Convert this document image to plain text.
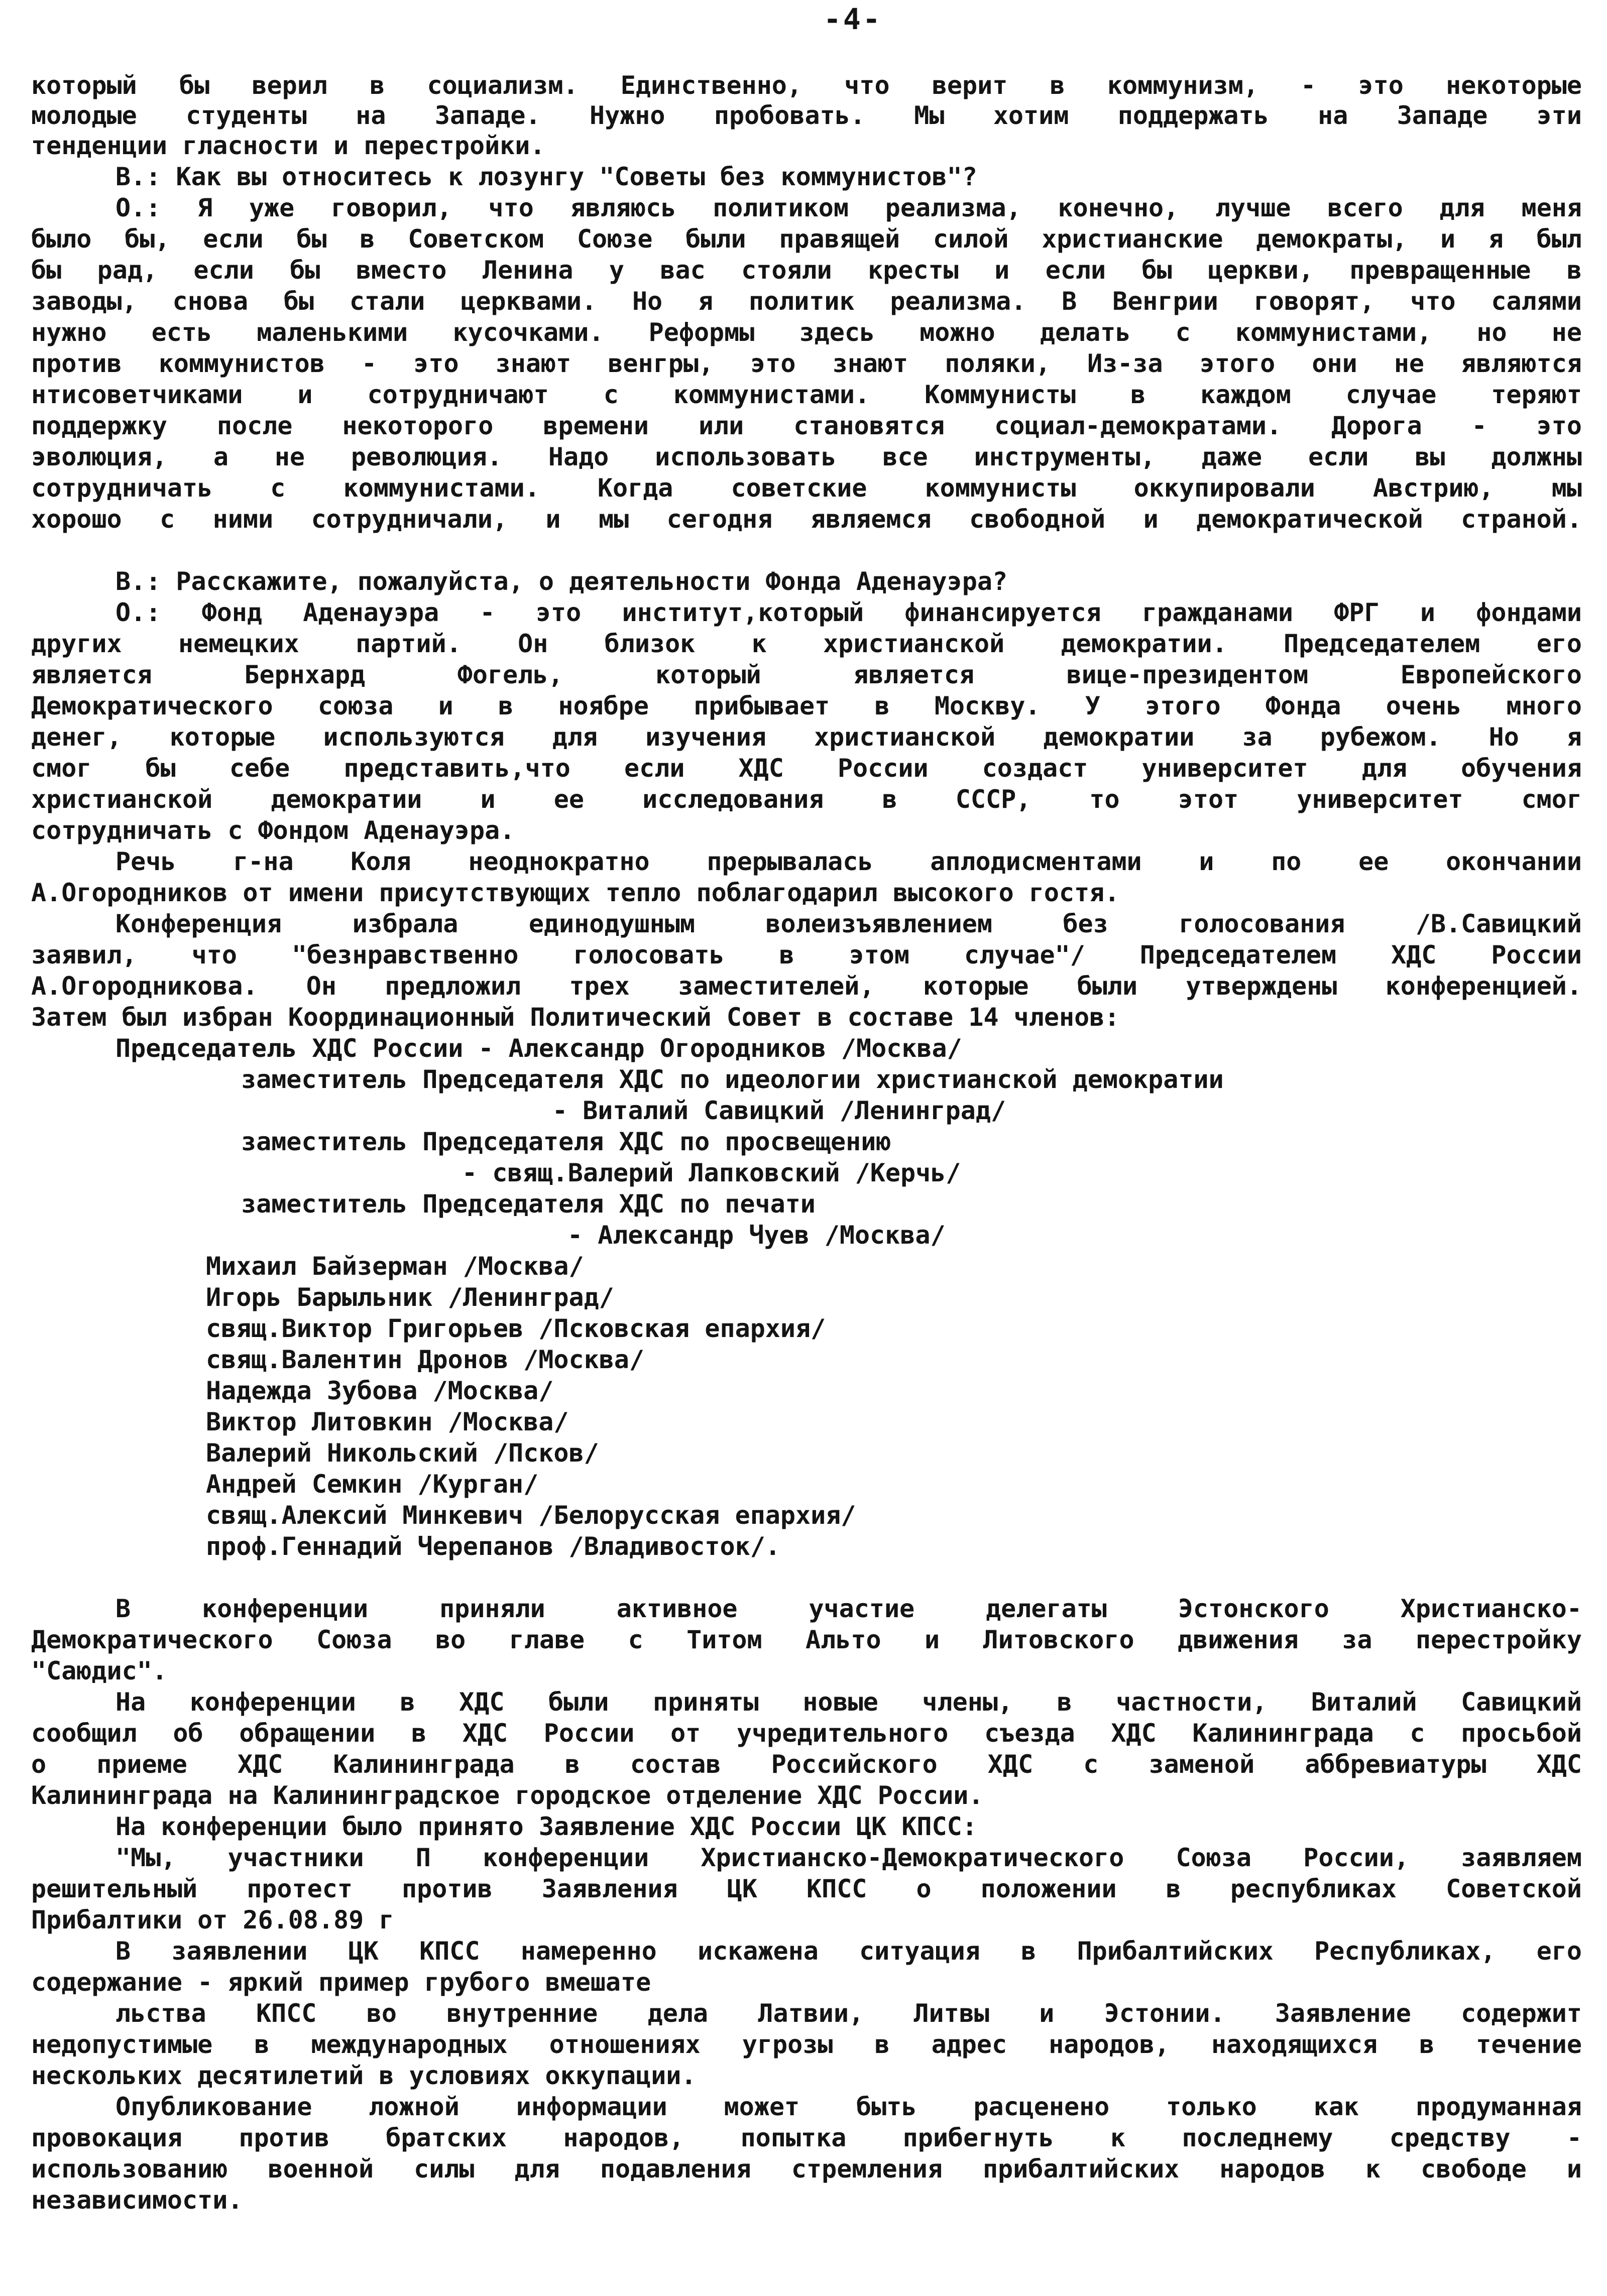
-4-
который бы верил в социализм. Единственно, что верит в коммунизм, - это некоторые
молодые студенты на Западе. Нужно пробовать. Мы хотим поддержать на Западе эти
тенденции гласности и перестройки.
В.: Как вы относитесь к лозунгу "Советы без коммунистов"?
О.: Я уже говорил, что являюсь политиком реализма, конечно, лучше всего для меня
было бы, если бы в Советском Союзе были правящей силой христианские демократы, и я был
бы рад, если бы вместо Ленина у вас стояли кресты и если бы церкви, превращенные в
заводы, снова бы стали церквами. Но я политик реализма. В Венгрии говорят, что салями
нужно есть маленькими кусочками. Реформы здесь можно делать с коммунистами, но не
против коммунистов - это знают венгры, это знают поляки, Из-за этого они не являются
нтисоветчиками и сотрудничают с коммунистами. Коммунисты в каждом случае теряют
поддержку после некоторого времени или становятся социал-демократами. Дорога - это
эволюция, а не революция. Надо использовать все инструменты, даже если вы должны
сотрудничать с коммунистами. Когда советские коммунисты оккупировали Австрию, мы
хорошо с ними сотрудничали, и мы сегодня являемся свободной и демократической страной.
В.: Расскажите, пожалуйста, о деятельности Фонда Аденауэра?
О.: Фонд Аденауэра - это институт,который финансируется гражданами ФРГ и фондами
других немецких партий. Он близок к христианской демократии. Председателем его
является Бернхард Фогель, который является вице-президентом Европейского
Демократического союза и в ноябре прибывает в Москву. У этого Фонда очень много
денег, которые используются для изучения христианской демократии за рубежом. Но я
смог бы себе представить,что если ХДС России создаст университет для обучения
христианской демократии и ее исследования в СССР, то этот университет смог
сотрудничать с Фондом Аденауэра.
Речь г-на Коля неоднократно прерывалась аплодисментами и по ее окончании
А.Огородников от имени присутствующих тепло поблагодарил высокого гостя.
Конференция избрала единодушным волеизъявлением без голосования /В.Савицкий
заявил, что "безнравственно голосовать в этом случае"/ Председателем ХДС России
А.Огородникова. Он предложил трех заместителей, которые были утверждены конференцией.
Затем был избран Координационный Политический Совет в составе 14 членов:
Председатель ХДС России - Александр Огородников /Москва/
заместитель Председателя ХДС по идеологии христианской демократии
- Виталий Савицкий /Ленинград/
заместитель Председателя ХДС по просвещению
- свящ.Валерий Лапковский /Керчь/
заместитель Председателя ХДС по печати
- Александр Чуев /Москва/
Михаил Байзерман /Москва/
Игорь Барыльник /Ленинград/
свящ.Виктор Григорьев /Псковская епархия/
свящ.Валентин Дронов /Москва/
Надежда Зубова /Москва/
Виктор Литовкин /Москва/
Валерий Никольский /Псков/
Андрей Семкин /Курган/
свящ.Алексий Минкевич /Белорусская епархия/
проф.Геннадий Черепанов /Владивосток/.
В конференции приняли активное участие делегаты Эстонского Христианско-
Демократического Союза во главе с Титом Альто и Литовского движения за перестройку
"Саюдис".
На конференции в ХДС были приняты новые члены, в частности, Виталий Савицкий
сообщил об обращении в ХДС России от учредительного съезда ХДС Калининграда с просьбой
о приеме ХДС Калининграда в состав Российского ХДС с заменой аббревиатуры ХДС
Калининграда на Калининградское городское отделение ХДС России.
На конференции было принято Заявление ХДС России ЦК КПСС:
"Мы, участники П конференции Христианско-Демократического Союза России, заявляем
решительный протест против Заявления ЦК КПСС о положении в республиках Советской
Прибалтики от 26.08.89 г
В заявлении ЦК КПСС намеренно искажена ситуация в Прибалтийских Республиках, его
содержание - яркий пример грубого вмешате
льства КПСС во внутренние дела Латвии, Литвы и Эстонии. Заявление содержит
недопустимые в международных отношениях угрозы в адрес народов, находящихся в течение
нескольких десятилетий в условиях оккупации.
Опубликование ложной информации может быть расценено только как продуманная
провокация против братских народов, попытка прибегнуть к последнему средству -
использованию военной силы для подавления стремления прибалтийских народов к свободе и
независимости.
